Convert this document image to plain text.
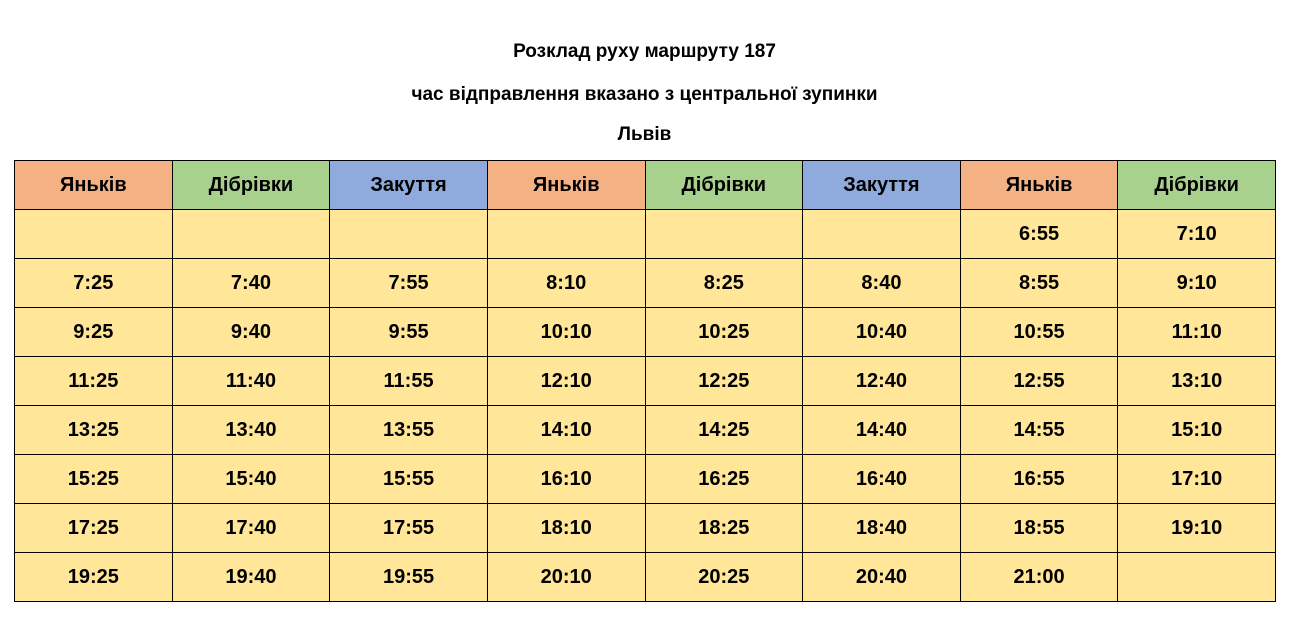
Розклад руху маршруту 187
час відправлення вказано з центральної зупинки
Львів
Яньків	Дібрівки	Закуття	Яньків	Дібрівки	Закуття	Яньків	Дібрівки
						6:55	7:10
7:25	7:40	7:55	8:10	8:25	8:40	8:55	9:10
9:25	9:40	9:55	10:10	10:25	10:40	10:55	11:10
11:25	11:40	11:55	12:10	12:25	12:40	12:55	13:10
13:25	13:40	13:55	14:10	14:25	14:40	14:55	15:10
15:25	15:40	15:55	16:10	16:25	16:40	16:55	17:10
17:25	17:40	17:55	18:10	18:25	18:40	18:55	19:10
19:25	19:40	19:55	20:10	20:25	20:40	21:00	
